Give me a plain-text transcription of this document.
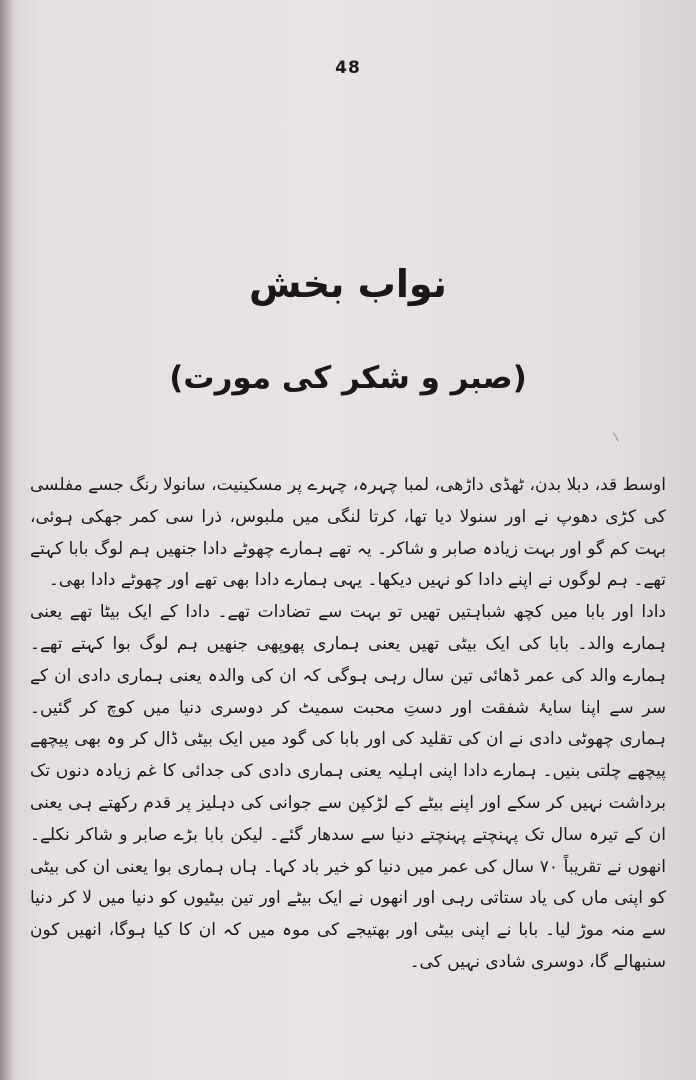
48
نواب بخش
(صبر و شکر کی مورت)

اوسط قد، دبلا بدن، ٹھڈی داڑھی، لمبا چہرہ، چہرے پر مسکینیت، سانولا رنگ جسے مفلسی کی کڑی دھوپ نے اور سنولا دیا تھا، کرتا لنگی میں ملبوس، ذرا سی کمر جھکی ہوئی، بہت کم گو اور بہت زیادہ صابر و شاکر۔ یہ تھے ہمارے چھوٹے دادا جنھیں ہم لوگ بابا کہتے تھے۔ ہم لوگوں نے اپنے دادا کو نہیں دیکھا۔ یہی ہمارے دادا بھی تھے اور چھوٹے دادا بھی۔

دادا اور بابا میں کچھ شباہتیں تھیں تو بہت سے تضادات تھے۔ دادا کے ایک بیٹا تھے یعنی ہمارے والد۔ بابا کی ایک بیٹی تھیں یعنی ہماری پھوپھی جنھیں ہم لوگ بوا کہتے تھے۔ ہمارے والد کی عمر ڈھائی تین سال رہی ہوگی کہ ان کی والدہ یعنی ہماری دادی ان کے سر سے اپنا سایۂ شفقت اور دستِ محبت سمیٹ کر دوسری دنیا میں کوچ کر گئیں۔ ہماری چھوٹی دادی نے ان کی تقلید کی اور بابا کی گود میں ایک بیٹی ڈال کر وہ بھی پیچھے پیچھے چلتی بنیں۔ ہمارے دادا اپنی اہلیہ یعنی ہماری دادی کی جدائی کا غم زیادہ دنوں تک برداشت نہیں کر سکے اور اپنے بیٹے کے لڑکپن سے جوانی کی دہلیز پر قدم رکھتے ہی یعنی ان کے تیرہ سال تک پہنچتے پہنچتے دنیا سے سدھار گئے۔ لیکن بابا بڑے صابر و شاکر نکلے۔ انھوں نے تقریباً ۷۰ سال کی عمر میں دنیا کو خیر باد کہا۔ ہاں ہماری بوا یعنی ان کی بیٹی کو اپنی ماں کی یاد ستاتی رہی اور انھوں نے ایک بیٹے اور تین بیٹیوں کو دنیا میں لا کر دنیا سے منہ موڑ لیا۔ بابا نے اپنی بیٹی اور بھتیجے کی موہ میں کہ ان کا کیا ہوگا، انھیں کون سنبھالے گا، دوسری شادی نہیں کی۔
